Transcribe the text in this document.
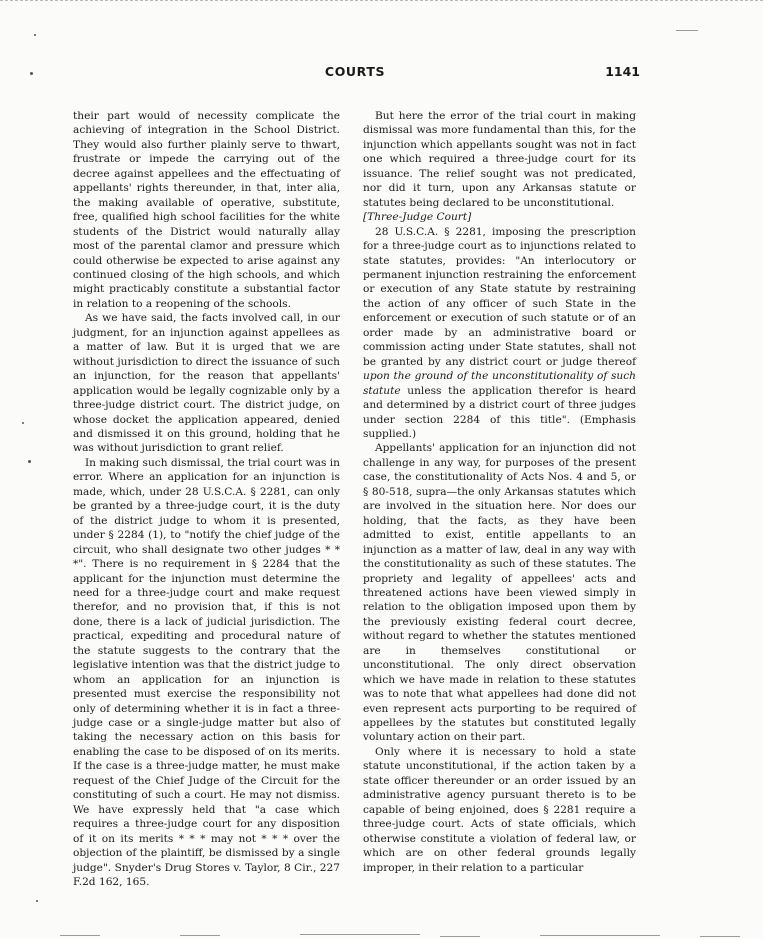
COURTS	1141

their part would of necessity complicate the achieving of integration in the School District. They would also further plainly serve to thwart, frustrate or impede the carrying out of the decree against appellees and the effectuating of appellants' rights thereunder, in that, inter alia, the making available of operative, substitute, free, qualified high school facilities for the white students of the District would naturally allay most of the parental clamor and pressure which could otherwise be expected to arise against any continued closing of the high schools, and which might practicably constitute a substantial factor in relation to a reopening of the schools.

As we have said, the facts involved call, in our judgment, for an injunction against appellees as a matter of law. But it is urged that we are without jurisdiction to direct the issuance of such an injunction, for the reason that appellants' application would be legally cognizable only by a three-judge district court. The district judge, on whose docket the application appeared, denied and dismissed it on this ground, holding that he was without jurisdiction to grant relief.

In making such dismissal, the trial court was in error. Where an application for an injunction is made, which, under 28 U.S.C.A. § 2281, can only be granted by a three-judge court, it is the duty of the district judge to whom it is presented, under § 2284 (1), to "notify the chief judge of the circuit, who shall designate two other judges * * *". There is no requirement in § 2284 that the applicant for the injunction must determine the need for a three-judge court and make request therefor, and no provision that, if this is not done, there is a lack of judicial jurisdiction. The practical, expediting and procedural nature of the statute suggests to the contrary that the legislative intention was that the district judge to whom an application for an injunction is presented must exercise the responsibility not only of determining whether it is in fact a three-judge case or a single-judge matter but also of taking the necessary action on this basis for enabling the case to be disposed of on its merits. If the case is a three-judge matter, he must make request of the Chief Judge of the Circuit for the constituting of such a court. He may not dismiss. We have expressly held that "a case which requires a three-judge court for any disposition of it on its merits * * * may not * * * over the objection of the plaintiff, be dismissed by a single judge". Snyder's Drug Stores v. Taylor, 8 Cir., 227 F.2d 162, 165.

But here the error of the trial court in making dismissal was more fundamental than this, for the injunction which appellants sought was not in fact one which required a three-judge court for its issuance. The relief sought was not predicated, nor did it turn, upon any Arkansas statute or statutes being declared to be unconstitutional.

[Three-Judge Court]

28 U.S.C.A. § 2281, imposing the prescription for a three-judge court as to injunctions related to state statutes, provides: "An interlocutory or permanent injunction restraining the enforcement or execution of any State statute by restraining the action of any officer of such State in the enforcement or execution of such statute or of an order made by an administrative board or commission acting under State statutes, shall not be granted by any district court or judge thereof upon the ground of the unconstitutionality of such statute unless the application therefor is heard and determined by a district court of three judges under section 2284 of this title". (Emphasis supplied.)

Appellants' application for an injunction did not challenge in any way, for purposes of the present case, the constitutionality of Acts Nos. 4 and 5, or § 80-518, supra—the only Arkansas statutes which are involved in the situation here. Nor does our holding, that the facts, as they have been admitted to exist, entitle appellants to an injunction as a matter of law, deal in any way with the constitutionality as such of these statutes. The propriety and legality of appellees' acts and threatened actions have been viewed simply in relation to the obligation imposed upon them by the previously existing federal court decree, without regard to whether the statutes mentioned are in themselves constitutional or unconstitutional. The only direct observation which we have made in relation to these statutes was to note that what appellees had done did not even represent acts purporting to be required of appellees by the statutes but constituted legally voluntary action on their part.

Only where it is necessary to hold a state statute unconstitutional, if the action taken by a state officer thereunder or an order issued by an administrative agency pursuant thereto is to be capable of being enjoined, does § 2281 require a three-judge court. Acts of state officials, which otherwise constitute a violation of federal law, or which are on other federal grounds legally improper, in their relation to a particular
